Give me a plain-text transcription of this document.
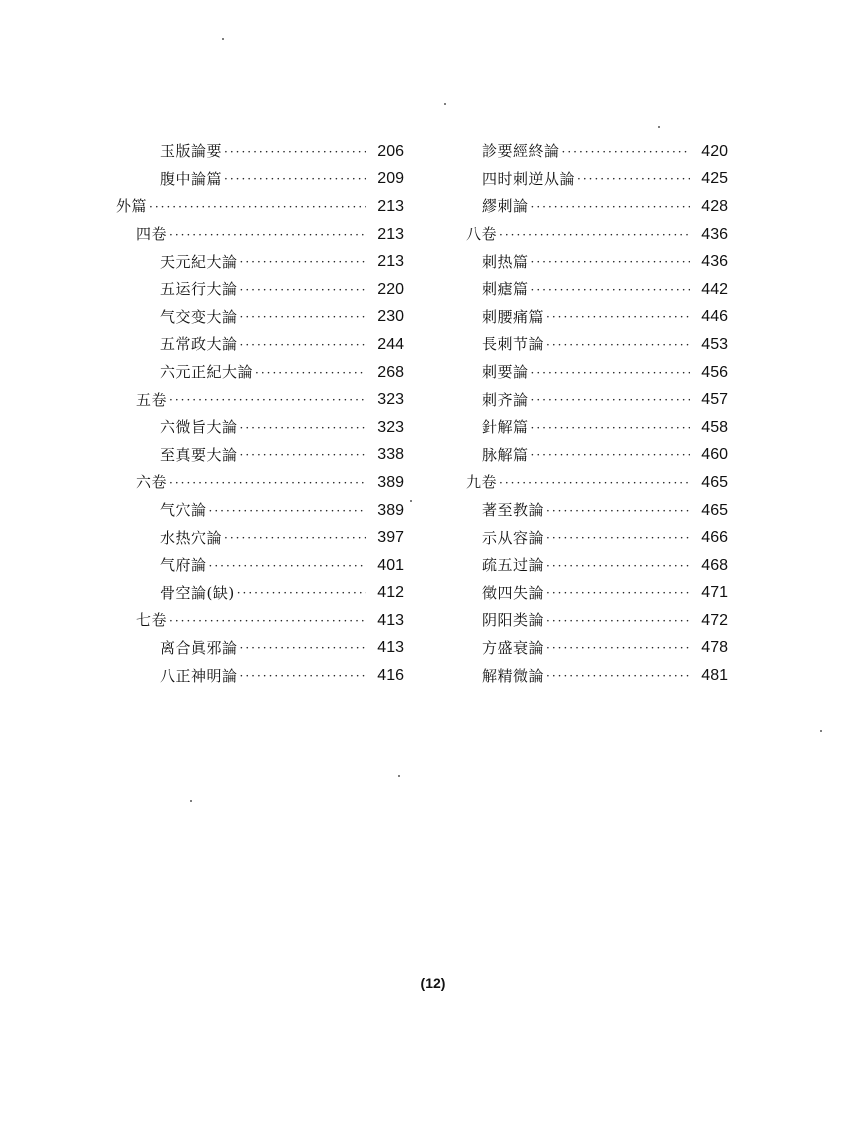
玉版論要 ·····	206
腹中論篇 ·····	209
外篇 ·····	213
四卷 ·····	213
天元紀大論 ·····	213
五运行大論 ·····	220
气交变大論 ·····	230
五常政大論 ·····	244
六元正紀大論 ·····	268
五卷 ·····	323
六微旨大論 ·····	323
至真要大論 ·····	338
六卷 ·····	389
气穴論 ·····	389
水热穴論 ·····	397
气府論 ·····	401
骨空論(缺) ·····	412
七卷 ·····	413
离合眞邪論 ·····	413
八正神明論 ·····	416
診要經終論 ·····	420
四时刺逆从論 ·····	425
繆刺論 ·····	428
八卷 ·····	436
刺热篇 ·····	436
刺瘧篇 ·····	442
刺腰痛篇 ·····	446
長刺节論 ·····	453
刺要論 ·····	456
刺齐論 ·····	457
針解篇 ·····	458
脉解篇 ·····	460
九卷 ·····	465
著至教論 ·····	465
示从容論 ·····	466
疏五过論 ·····	468
徵四失論 ·····	471
阴阳类論 ·····	472
方盛衰論 ·····	478
解精微論 ·····	481
(12)
